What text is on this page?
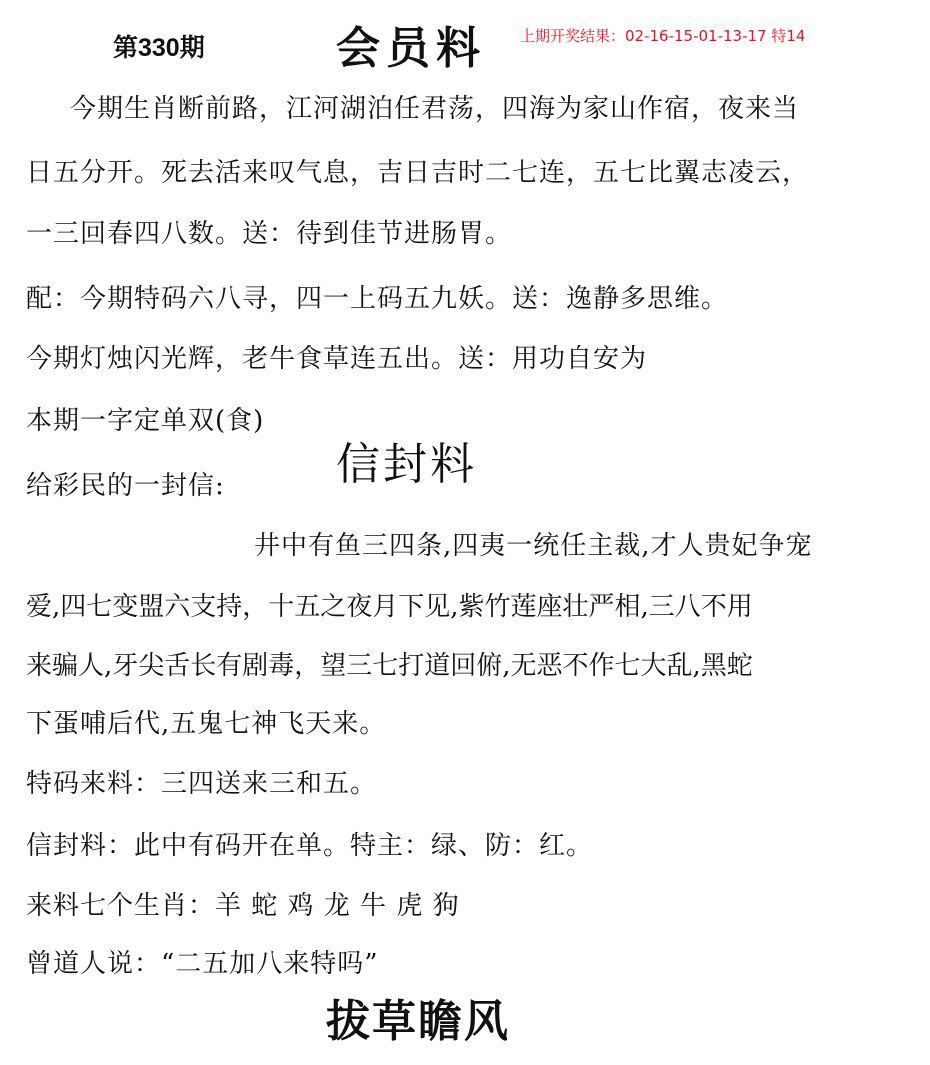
第330期	会员料 上期开奖结果：02-16-15-01-13-17 特14
今期生肖断前路，江河湖泊任君荡，四海为家山作宿，夜来当
日五分开。死去活来叹气息，吉日吉时二七连，五七比翼志凌云，
一三回春四八数。送：待到佳节进肠胃。
配：今期特码六八寻，四一上码五九妖。送：逸静多思维。
今期灯烛闪光辉，老牛食草连五出。送：用功自安为
本期一字定单双(食)
信封料
给彩民的一封信:
井中有鱼三四条,四夷一统任主裁,才人贵妃争宠
爱,四七变盟六支持，十五之夜月下见,紫竹莲座壮严相,三八不用
来骗人,牙尖舌长有剧毒，望三七打道回俯,无恶不作七大乱,黑蛇
下蛋哺后代,五鬼七神飞天来。
特码来料：三四送来三和五。
信封料：此中有码开在单。特主：绿、防：红。
来料七个生肖：羊 蛇 鸡 龙 牛 虎 狗
曾道人说：“二五加八来特吗”
拔草瞻风
